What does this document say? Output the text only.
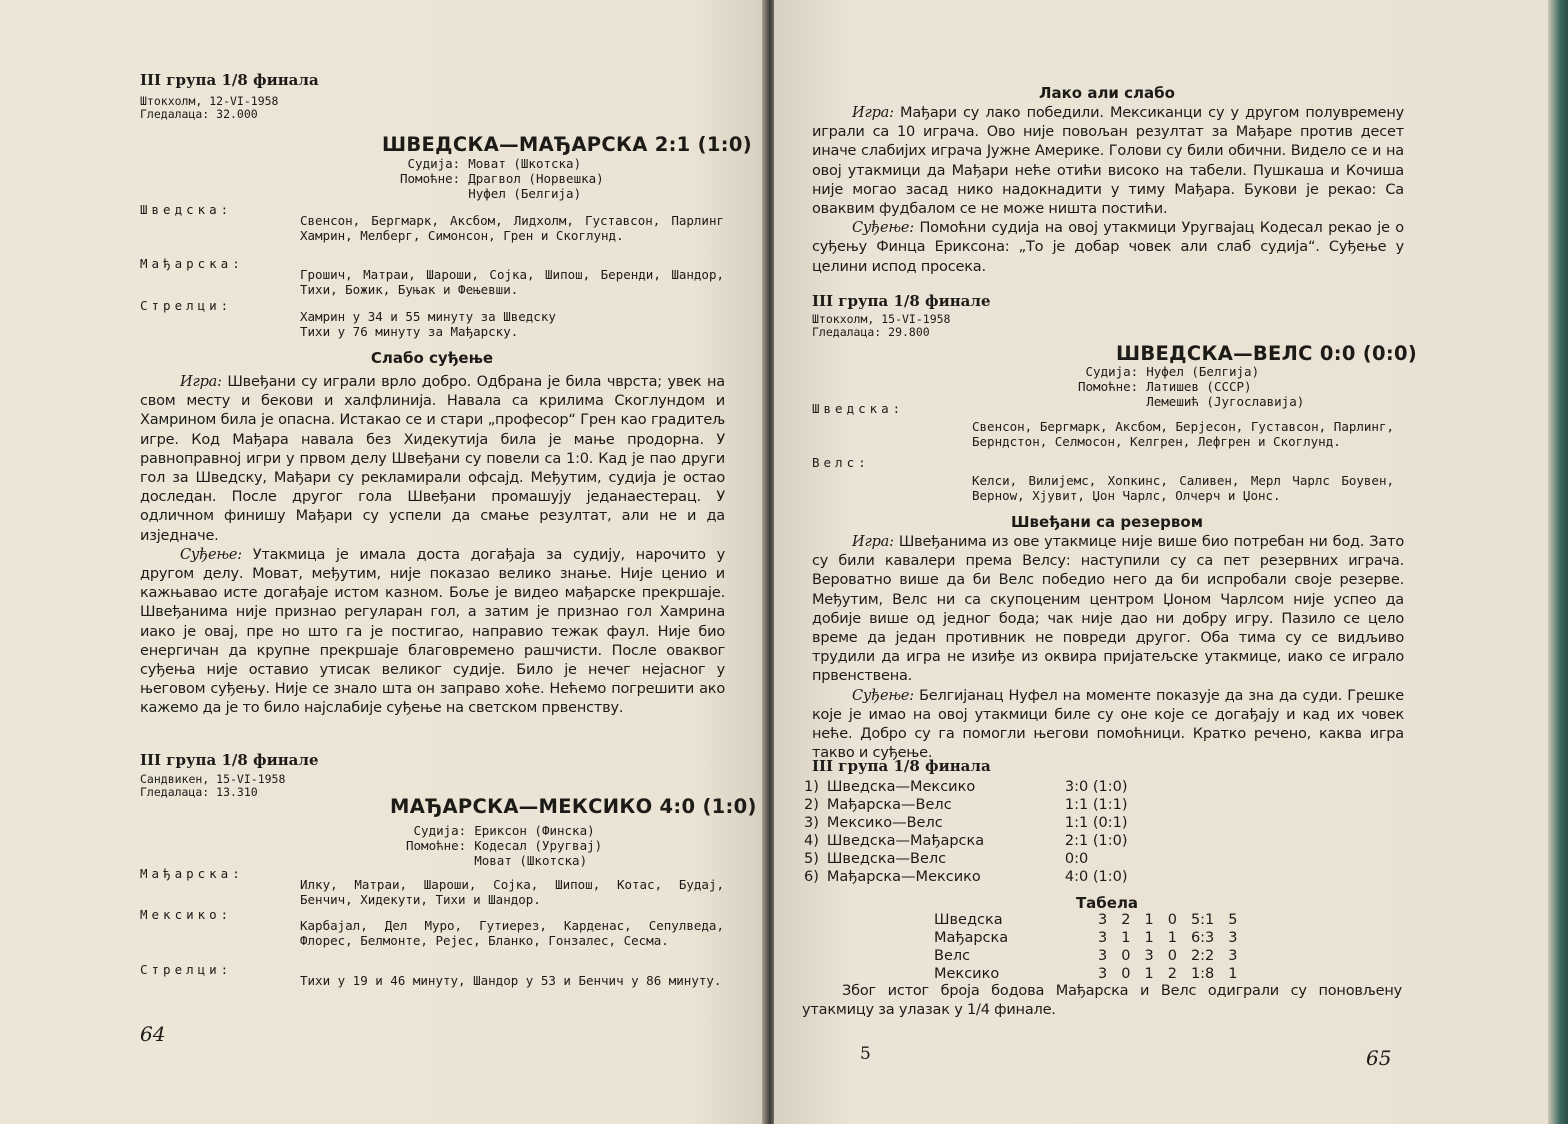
III група 1/8 финала
Штокхолм, 12-VI-1958
Гледалаца: 32.000
ШВЕДСКА—МАЂАРСКА 2:1 (1:0)
Судија:	Мoвaт (Шкотска)
Помоћне:	Драгвол (Норвешка)
	Нуфел (Белгија)
Шведска:
Свенсон, Бергмарк, Аксбом, Лидхолм, Густавсон, Парлинг Хамрин, Мелберг, Симонсон, Грен и Скоглунд.
Мађарска:
Грошич, Матраи, Шароши, Сојка, Шипош, Беренди, Шандор, Тихи, Божик, Буњак и Фењевши.
Стрелци:
Хамрин у 34 и 55 минуту за Шведску
Тихи у 76 минуту за Мађарску.
Слабо суђење

Игра: Швеђани су играли врло добро. Одбрана је била чврста; увек на свом месту и бекови и халфлинија. Навала са крилима Скоглундом и Хамрином била је опасна. Истакао се и стари „професор“ Грен као градитељ игре. Код Мађара навала без Хидекутија била је мање продорна. У равноправној игри у првом делу Швеђани су повели са 1:0. Кад је пао други гол за Шведску, Мађари су рекламирали офсајд. Међутим, судија је остао доследан. После другог гола Швеђани промашују једанаестерац. У одличном финишу Мађари су успели да смање резултат, али не и да изједначе.

Суђење: Утакмица је имала доста догађаја за судију, нарочито у другом делу. Мoвaт, међутим, није показао велико знање. Није ценио и кажњавао исте догађаје истом казном. Боље је видео мађарске прекршаје. Швеђанима није признао регуларан гол, а затим је признао гол Хамрина иако је овај, пре но што га је постигао, направио тежак фаул. Није био енергичан да крупне прекршаје благовремено рашчисти. После оваквог суђења није оставио утисак великог судије. Било је нечег нејасног у његовом суђењу. Није се знало шта он заправо хоће. Нећемо погрешити ако кажемо да је то било најслабије суђење на светском првенству.

III група 1/8 финале
Сандвикен, 15-VI-1958
Гледалаца: 13.310
МАЂАРСКА—МЕКСИКО 4:0 (1:0)
Судија:	Ериксон (Финска)
Помоћне:	Кодесал (Уругвај)
	Мoвaт (Шкотска)
Мађарска:
Илку, Матраи, Шароши, Сојка, Шипош, Котас, Будај, Бенчич, Хидекути, Тихи и Шандор.
Мексико:
Карбајал, Дел Муро, Гутиерез, Карденас, Сепулведа, Флорес, Белмонте, Рејес, Бланко, Гонзалес, Сесма.
Стрелци:
Тихи у 19 и 46 минуту, Шандор у 53 и Бенчич у 86 минуту.
64
Лако али слабо

Игра: Мађари су лако победили. Мексиканци су у другом полувремену играли са 10 играча. Ово није повољан резултат за Мађаре против десет иначе слабијих играча Јужне Америке. Голови су били обични. Видело се и на овој утакмици да Мађари неће отићи високо на табели. Пушкаша и Кочиша није могао засад нико надокнадити у тиму Мађара. Букови је рекао: Са оваквим фудбалом се не може ништа постићи.

Суђење: Помоћни судија на овој утакмици Уругвајац Кодесал рекао је о суђењу Финца Ериксона: „То је добар човек али слаб судија“. Суђење у целини испод просека.

III група 1/8 финале
Штокхолм, 15-VI-1958
Гледалаца: 29.800
ШВЕДСКА—ВЕЛС 0:0 (0:0)
Судија:	Нуфел (Белгија)
Помоћне:	Латишев (СССР)
	Лемешић (Југославија)
Шведска:
Свенсон, Бергмарк, Аксбом, Берјесон, Густавсон, Парлинг, Берндстон, Селмосон, Келгрен, Лефгрен и Скоглунд.
Велс:
Келси, Вилијемс, Хопкинс, Саливен, Мерл Чарлс Боувен, Верноw, Хјувит, Џон Чарлс, Олчерч и Џонс.
Швеђани са резервом

Игра: Швеђанима из ове утакмице није више био потребан ни бод. Зато су били кавалери према Велсу: наступили су са пет резервних играча. Вероватно више да би Велс победио него да би испробали своје резерве. Међутим, Велс ни са скупоценим центром Џоном Чарлсом није успео да добије више од једног бода; чак није дао ни добру игру. Пазило се цело време да један противник не повреди другог. Оба тима су се видљиво трудили да игра не изиђе из оквира пријатељске утакмице, иако се играло првенствена.

Суђење: Белгијанац Нуфел на моменте показује да зна да суди. Грешке које је имао на овој утакмици биле су оне које се догађају и кад их човек неће. Добро су га помогли његови помоћници. Кратко речено, каква игра такво и суђење.

III група 1/8 финала
1)	Шведска—Мексико	3:0 (1:0)
2)	Мађарска—Велс	1:1 (1:1)
3)	Мексико—Велс	1:1 (0:1)
4)	Шведска—Мађарска	2:1 (1:0)
5)	Шведска—Велс	0:0
6)	Мађарска—Мексико	4:0 (1:0)
Табела
Шведска	3	2	1	0	5:1	5
Мађарска	3	1	1	1	6:3	3
Велс	3	0	3	0	2:2	3
Мексико	3	0	1	2	1:8	1

Због истог броја бодова Мађарска и Велс одиграли су поновљену утакмицу за улазак у 1/4 финале.

5	65
